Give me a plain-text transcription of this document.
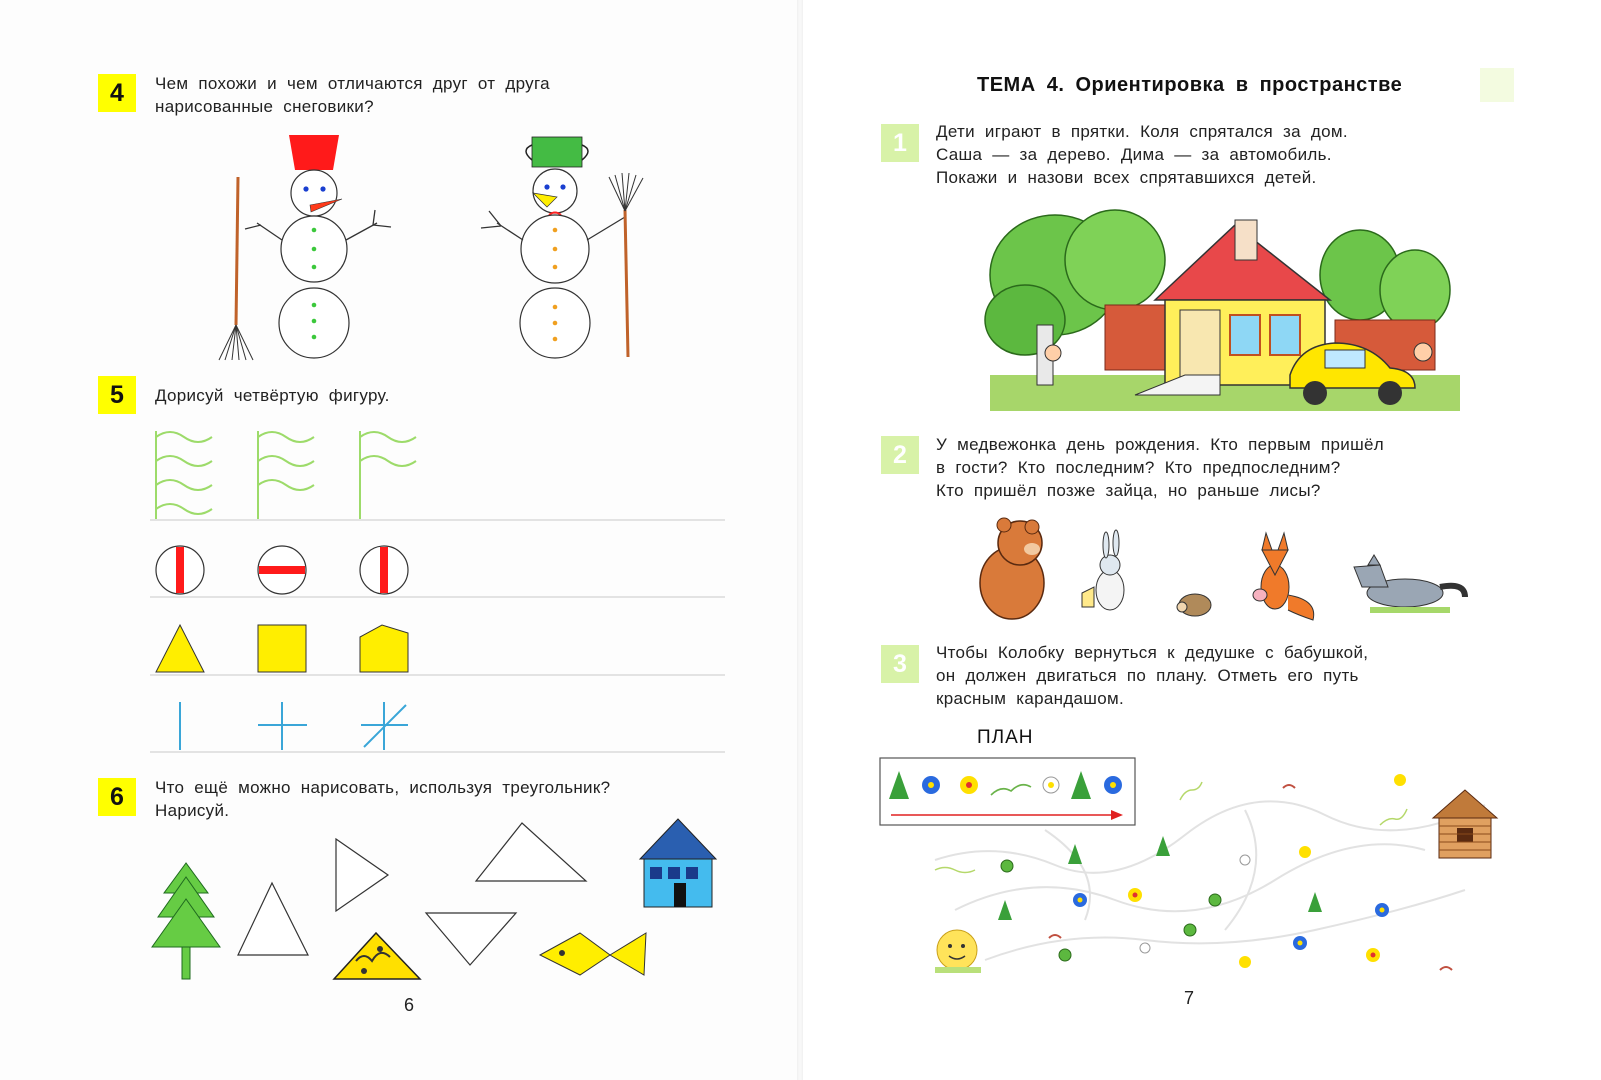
4	Чем похожи и чем отличаются друг от друга
нарисованные снеговики?
5	Дорисуй четвёртую фигуру.
6	Что ещё можно нарисовать, используя треугольник?
Нарисуй.
6
ТЕМА 4. Ориентировка в пространстве
1	Дети играют в прятки. Коля спрятался за дом.
Саша — за дерево. Дима — за автомобиль.
Покажи и назови всех спрятавшихся детей.
2	У медвежонка день рождения. Кто первым пришёл
в гости? Кто последним? Кто предпоследним?
Кто пришёл позже зайца, но раньше лисы?
3	Чтобы Колобку вернуться к дедушке с бабушкой,
он должен двигаться по плану. Отметь его путь
красным карандашом.
ПЛАН
7
